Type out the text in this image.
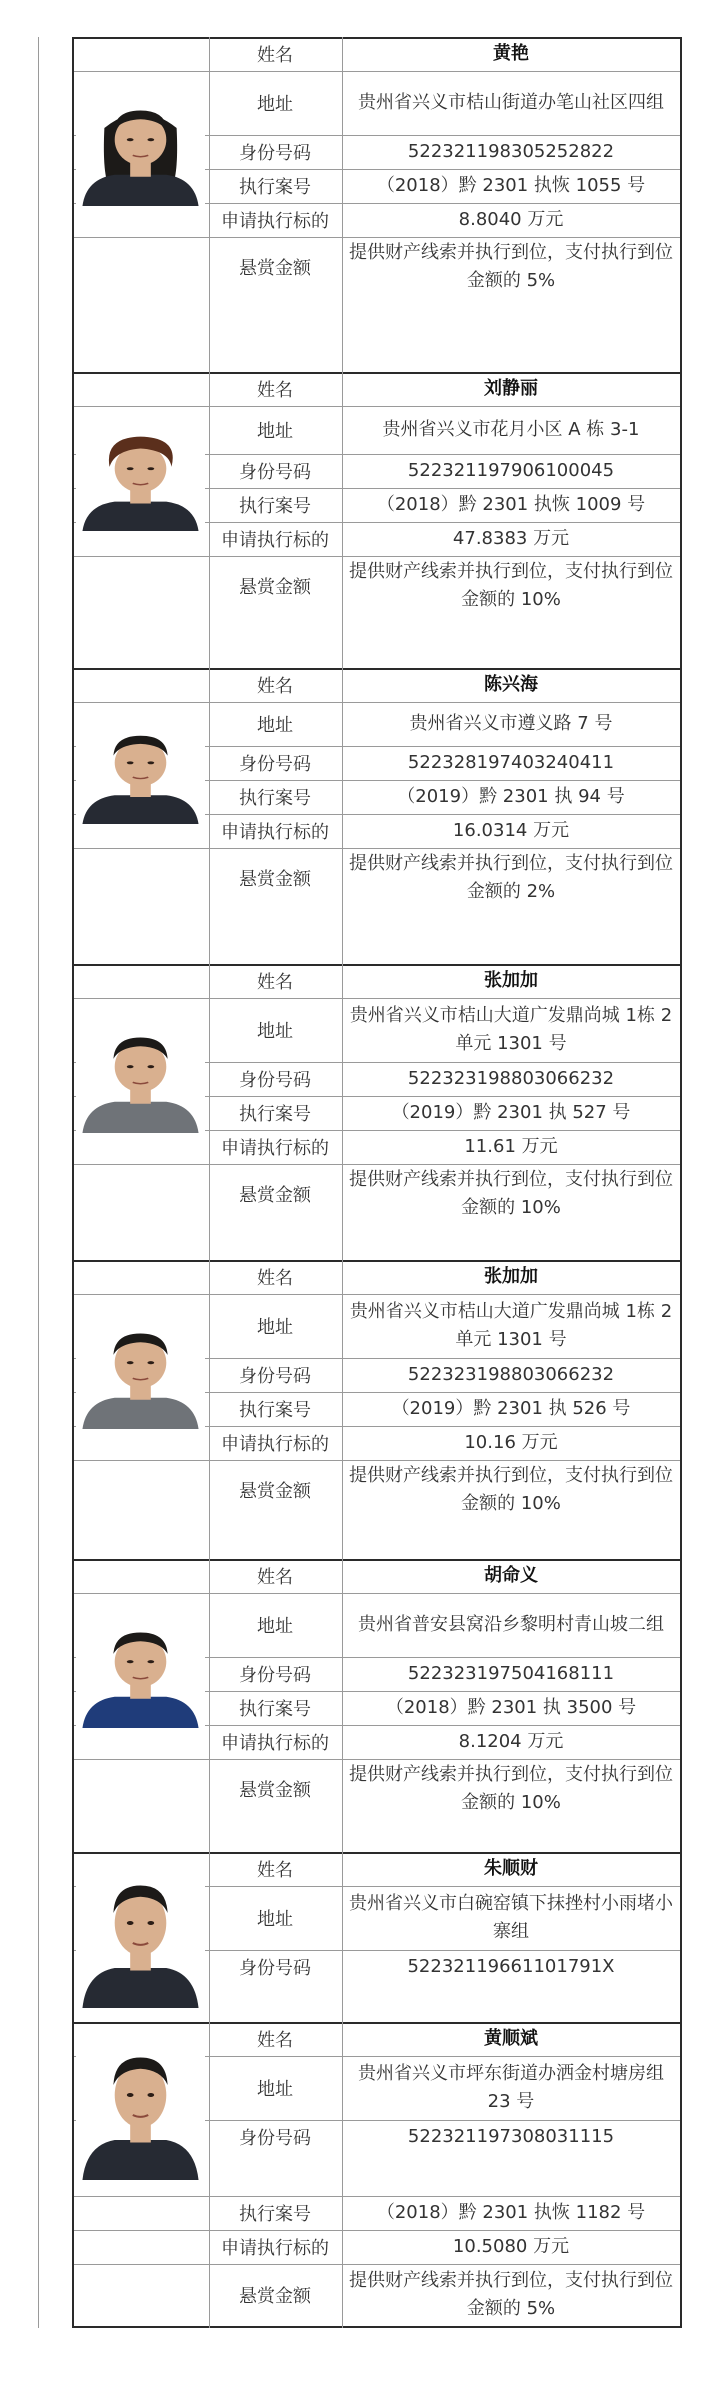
姓名	黄艳
地址	贵州省兴义市桔山街道办笔山社区四组
身份号码	522321198305252822
执行案号	（2018）黔 2301 执恢 1055 号
申请执行标的	8.8040 万元
悬赏金额
提供财产线索并执行到位，支付执行到位金额的 5%
姓名	刘静丽
地址	贵州省兴义市花月小区 A 栋 3-1
身份号码	522321197906100045
执行案号	（2018）黔 2301 执恢 1009 号
申请执行标的	47.8383 万元
悬赏金额
提供财产线索并执行到位，支付执行到位金额的 10%
姓名	陈兴海
地址	贵州省兴义市遵义路 7 号
身份号码	522328197403240411
执行案号	（2019）黔 2301 执 94 号
申请执行标的	16.0314 万元
悬赏金额
提供财产线索并执行到位，支付执行到位金额的 2%
姓名	张加加
地址
贵州省兴义市桔山大道广发鼎尚城 1栋 2 单元 1301 号
身份号码	522323198803066232
执行案号	（2019）黔 2301 执 527 号
申请执行标的	11.61 万元
悬赏金额
提供财产线索并执行到位，支付执行到位金额的 10%
姓名	张加加
地址
贵州省兴义市桔山大道广发鼎尚城 1栋 2 单元 1301 号
身份号码	522323198803066232
执行案号	（2019）黔 2301 执 526 号
申请执行标的	10.16 万元
悬赏金额
提供财产线索并执行到位，支付执行到位金额的 10%
姓名	胡命义
地址	贵州省普安县窝沿乡黎明村青山坡二组
身份号码	522323197504168111
执行案号	（2018）黔 2301 执 3500 号
申请执行标的	8.1204 万元
悬赏金额
提供财产线索并执行到位，支付执行到位金额的 10%
姓名	朱顺财
地址
贵州省兴义市白碗窑镇下抹挫村小雨堵小寨组
身份号码	52232119661101791X
姓名	黄顺斌
地址
贵州省兴义市坪东街道办洒金村塘房组 23 号
身份号码	522321197308031115
执行案号	（2018）黔 2301 执恢 1182 号
申请执行标的	10.5080 万元
悬赏金额
提供财产线索并执行到位，支付执行到位金额的 5%
